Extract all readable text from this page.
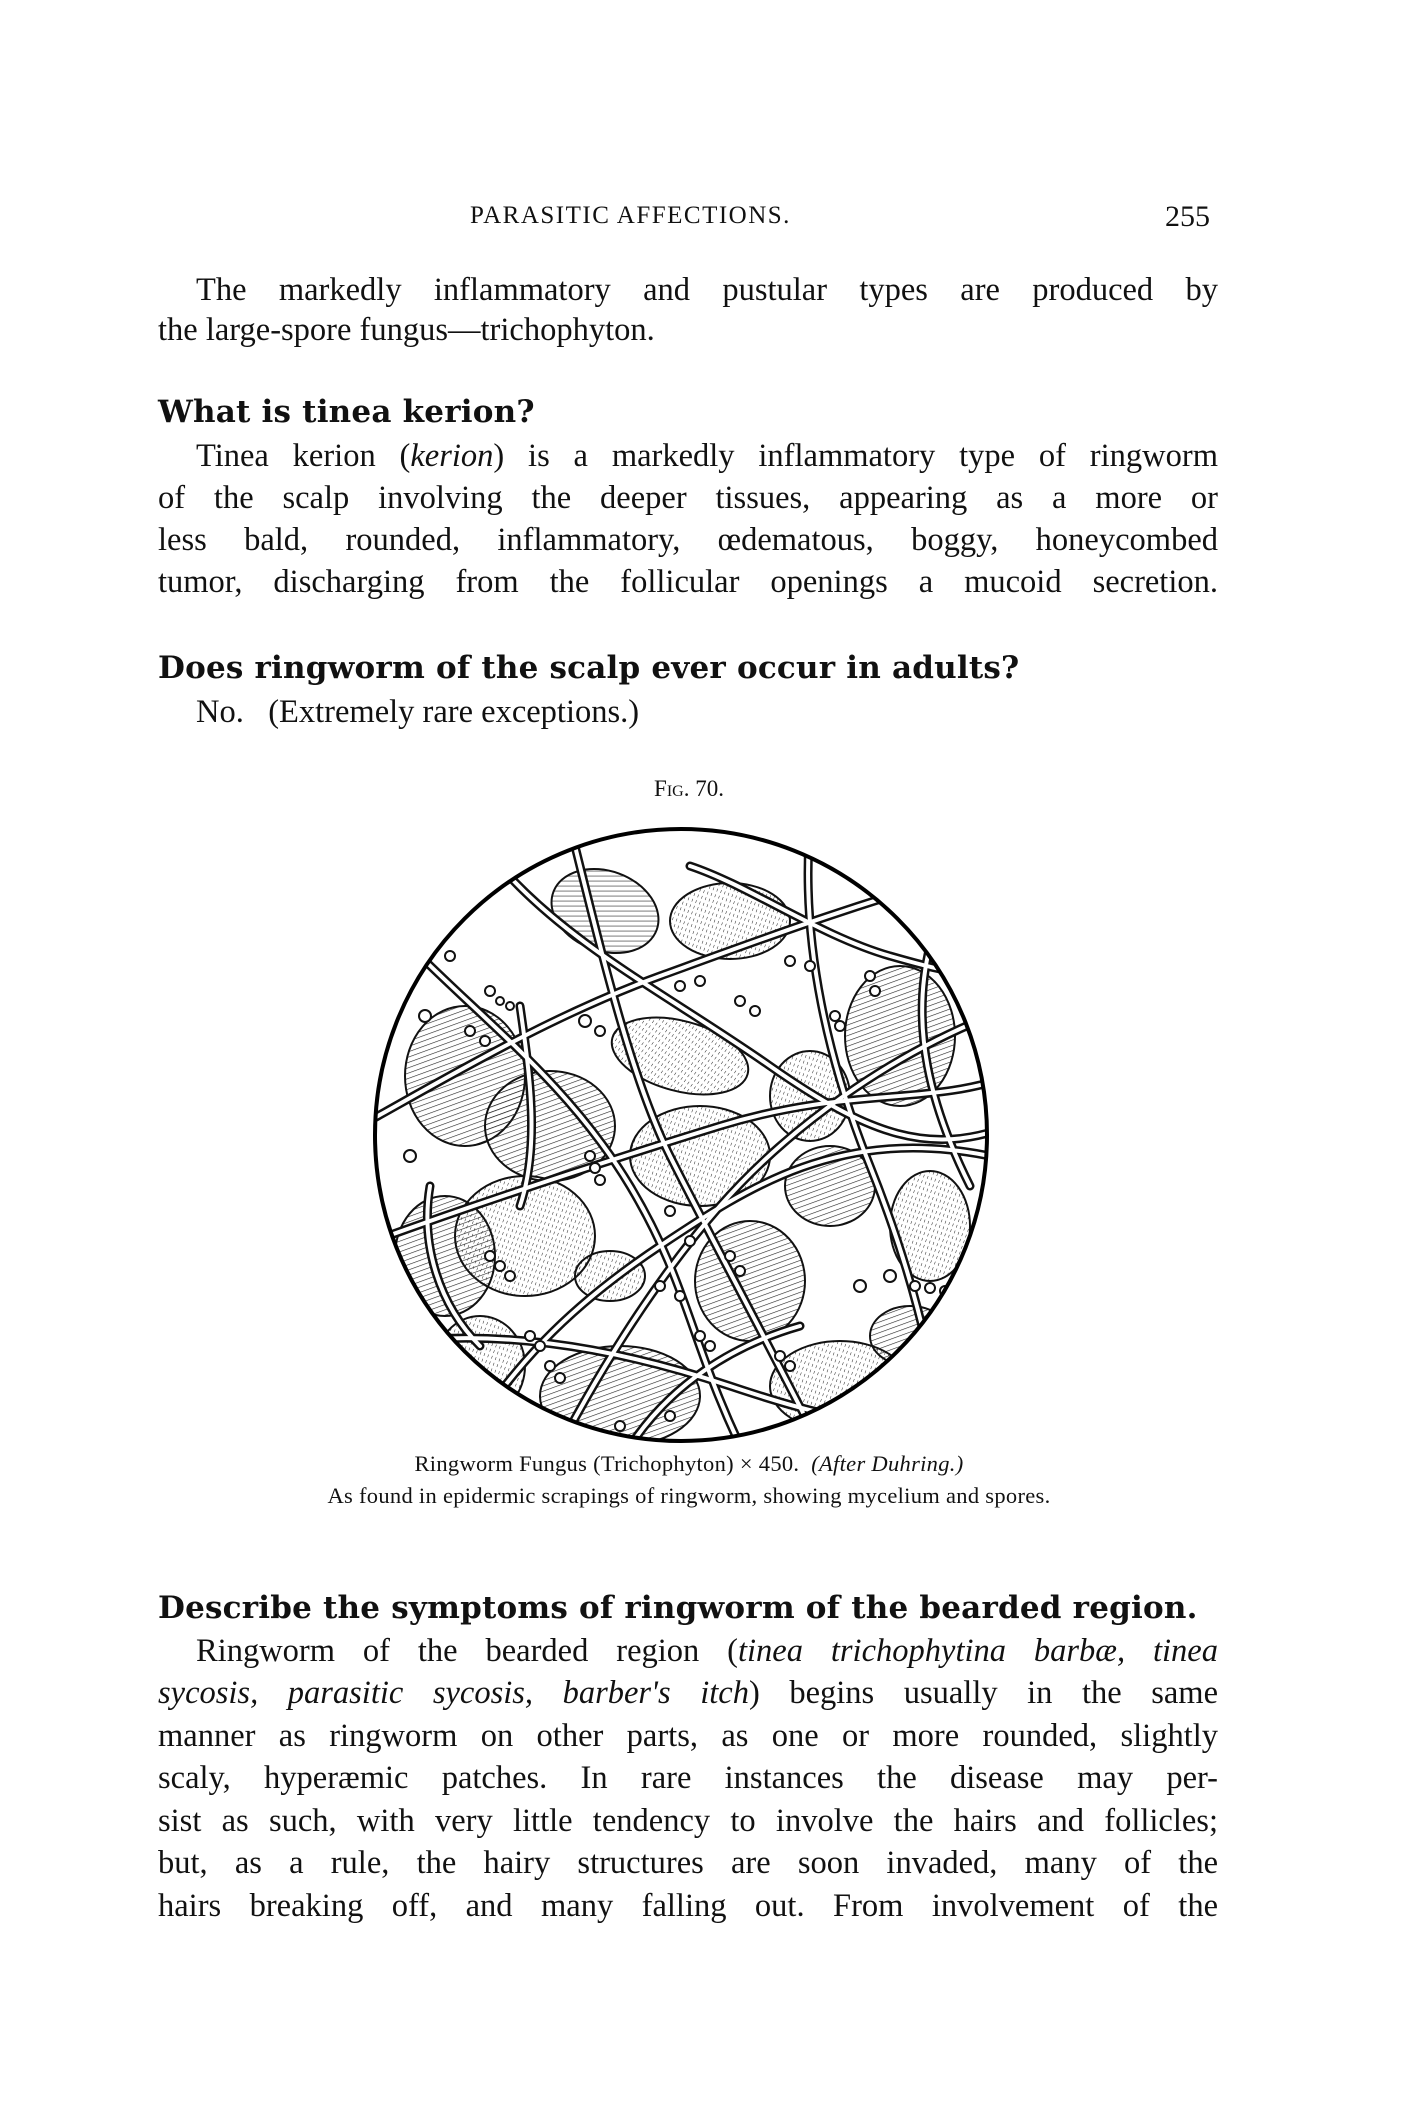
PARASITIC AFFECTIONS.	255
The markedly inflammatory and pustular types are produced by
the large-spore fungus—trichophyton.
What is tinea kerion?
Tinea kerion (kerion) is a markedly inflammatory type of ringworm
of the scalp involving the deeper tissues, appearing as a more or
less bald, rounded, inflammatory, œdematous, boggy, honeycombed
tumor, discharging from the follicular openings a mucoid secretion.
Does ringworm of the scalp ever occur in adults?
No.   (Extremely rare exceptions.)
Fig. 70.
Ringworm Fungus (Trichophyton) × 450. (After Duhring.)
As found in epidermic scrapings of ringworm, showing mycelium and spores.
Describe the symptoms of ringworm of the bearded region.
Ringworm of the bearded region (tinea trichophytina barbæ, tinea
sycosis, parasitic sycosis, barber's itch) begins usually in the same
manner as ringworm on other parts, as one or more rounded, slightly
scaly, hyperæmic patches. In rare instances the disease may per-
sist as such, with very little tendency to involve the hairs and follicles;
but, as a rule, the hairy structures are soon invaded, many of the
hairs breaking off, and many falling out. From involvement of the
